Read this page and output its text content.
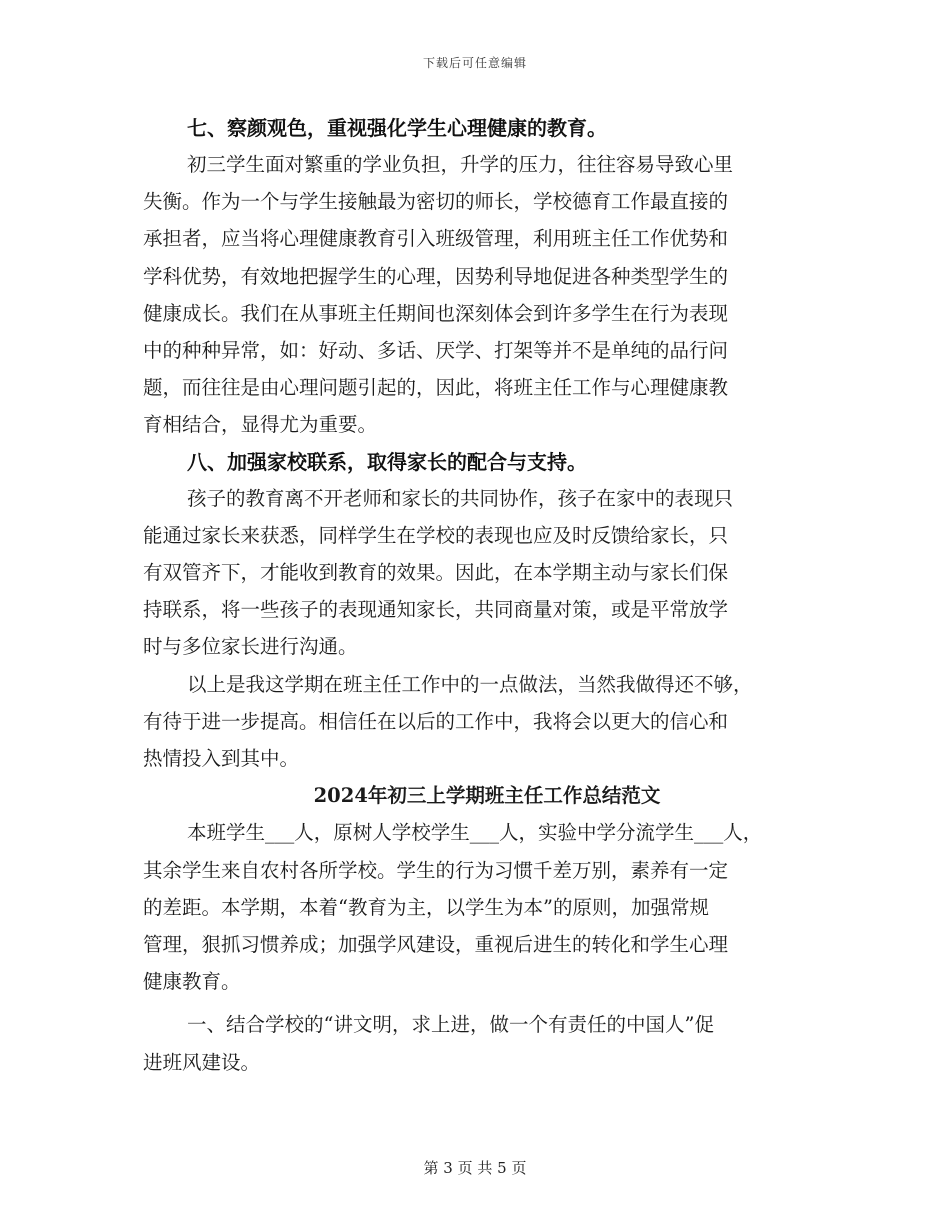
下载后可任意编辑

七、察颜观色，重视强化学生心理健康的教育。

初三学生面对繁重的学业负担，升学的压力，往往容易导致心里
失衡。作为一个与学生接触最为密切的师长，学校德育工作最直接的
承担者，应当将心理健康教育引入班级管理，利用班主任工作优势和
学科优势，有效地把握学生的心理，因势利导地促进各种类型学生的
健康成长。我们在从事班主任期间也深刻体会到许多学生在行为表现
中的种种异常，如：好动、多话、厌学、打架等并不是单纯的品行问
题，而往往是由心理问题引起的，因此，将班主任工作与心理健康教
育相结合，显得尤为重要。

八、加强家校联系，取得家长的配合与支持。

孩子的教育离不开老师和家长的共同协作，孩子在家中的表现只
能通过家长来获悉，同样学生在学校的表现也应及时反馈给家长，只
有双管齐下，才能收到教育的效果。因此，在本学期主动与家长们保
持联系，将一些孩子的表现通知家长，共同商量对策，或是平常放学
时与多位家长进行沟通。
以上是我这学期在班主任工作中的一点做法，当然我做得还不够，
有待于进一步提高。相信任在以后的工作中，我将会以更大的信心和
热情投入到其中。

2024年初三上学期班主任工作总结范文

本班学生___人，原树人学校学生___人，实验中学分流学生___人，
其余学生来自农村各所学校。学生的行为习惯千差万别，素养有一定
的差距。本学期，本着“教育为主，以学生为本”的原则，加强常规
管理，狠抓习惯养成；加强学风建设，重视后进生的转化和学生心理
健康教育。
一、结合学校的“讲文明，求上进，做一个有责任的中国人”促
进班风建设。
第 3 页 共 5 页
